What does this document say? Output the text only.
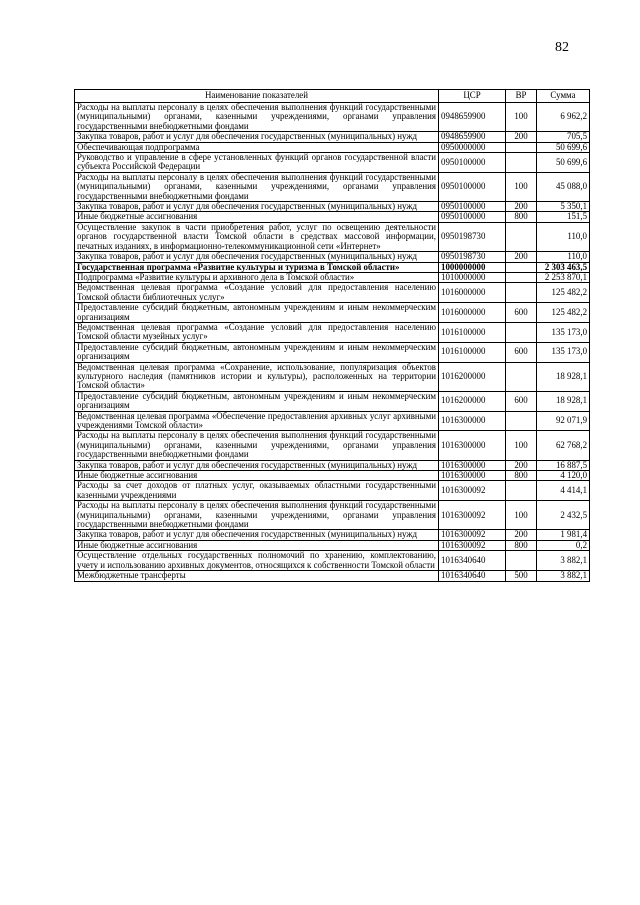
82
Наименование показателей	ЦСР	ВР	Сумма
Расходы на выплаты персоналу в целях обеспечения выполнения функций государственными (муниципальными) органами, казенными учреждениями, органами управления государственными внебюджетными фондами	0948659900	100	6 962,2
Закупка товаров, работ и услуг для обеспечения государственных (муниципальных) нужд	0948659900	200	705,5
Обеспечивающая подпрограмма	0950000000		50 699,6
Руководство и управление в сфере установленных функций органов государственной власти субъекта Российской Федерации	0950100000		50 699,6
Расходы на выплаты персоналу в целях обеспечения выполнения функций государственными (муниципальными) органами, казенными учреждениями, органами управления государственными внебюджетными фондами	0950100000	100	45 088,0
Закупка товаров, работ и услуг для обеспечения государственных (муниципальных) нужд	0950100000	200	5 350,1
Иные бюджетные ассигнования	0950100000	800	151,5
Осуществление закупок в части приобретения работ, услуг по освещению деятельности органов государственной власти Томской области в средствах массовой информации, печатных изданиях, в информационно-телекоммуникационной сети «Интернет»	0950198730		110,0
Закупка товаров, работ и услуг для обеспечения государственных (муниципальных) нужд	0950198730	200	110,0
Государственная программа «Развитие культуры и туризма в Томской области»	1000000000		2 303 463,5
Подпрограмма «Развитие культуры и архивного дела в Томской области»	1010000000		2 253 870,1
Ведомственная целевая программа «Создание условий для предоставления населению Томской области библиотечных услуг»	1016000000		125 482,2
Предоставление субсидий бюджетным, автономным учреждениям и иным некоммерческим организациям	1016000000	600	125 482,2
Ведомственная целевая программа «Создание условий для предоставления населению Томской области музейных услуг»	1016100000		135 173,0
Предоставление субсидий бюджетным, автономным учреждениям и иным некоммерческим организациям	1016100000	600	135 173,0
Ведомственная целевая программа «Сохранение, использование, популяризация объектов культурного наследия (памятников истории и культуры), расположенных на территории Томской области»	1016200000		18 928,1
Предоставление субсидий бюджетным, автономным учреждениям и иным некоммерческим организациям	1016200000	600	18 928,1
Ведомственная целевая программа «Обеспечение предоставления архивных услуг архивными учреждениями Томской области»	1016300000		92 071,9
Расходы на выплаты персоналу в целях обеспечения выполнения функций государственными (муниципальными) органами, казенными учреждениями, органами управления государственными внебюджетными фондами	1016300000	100	62 768,2
Закупка товаров, работ и услуг для обеспечения государственных (муниципальных) нужд	1016300000	200	16 887,5
Иные бюджетные ассигнования	1016300000	800	4 120,0
Расходы за счет доходов от платных услуг, оказываемых областными государственными казенными учреждениями	1016300092		4 414,1
Расходы на выплаты персоналу в целях обеспечения выполнения функций государственными (муниципальными) органами, казенными учреждениями, органами управления государственными внебюджетными фондами	1016300092	100	2 432,5
Закупка товаров, работ и услуг для обеспечения государственных (муниципальных) нужд	1016300092	200	1 981,4
Иные бюджетные ассигнования	1016300092	800	0,2
Осуществление отдельных государственных полномочий по хранению, комплектованию, учету и использованию архивных документов, относящихся к собственности Томской области	1016340640		3 882,1
Межбюджетные трансферты	1016340640	500	3 882,1
